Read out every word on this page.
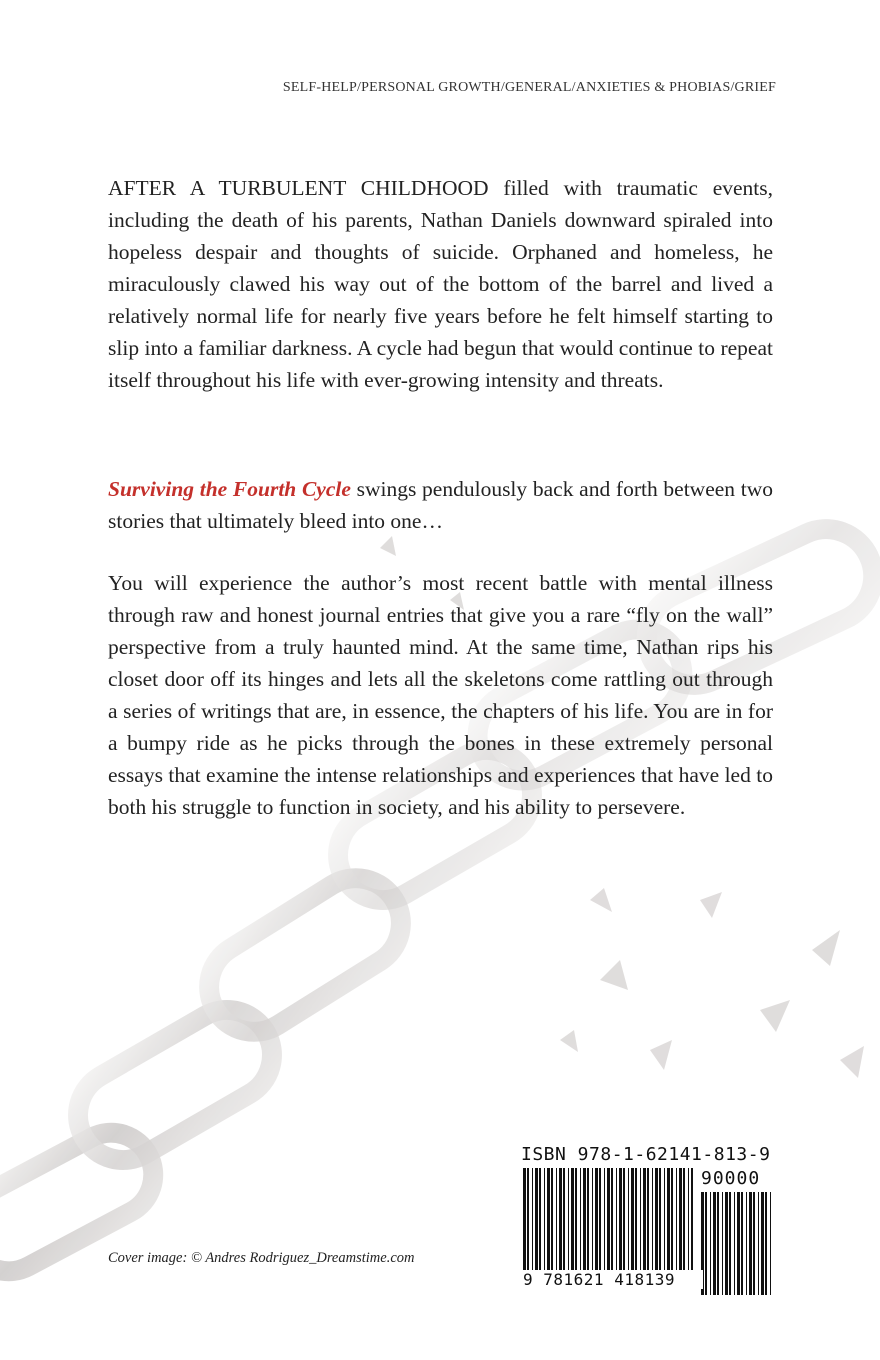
SELF-HELP/PERSONAL GROWTH/GENERAL/ANXIETIES & PHOBIAS/GRIEF

AFTER A TURBULENT CHILDHOOD filled with traumatic events, including the death of his parents, Nathan Daniels downward spiraled into hopeless despair and thoughts of suicide. Orphaned and homeless, he miraculously clawed his way out of the bottom of the barrel and lived a relatively normal life for nearly five years before he felt himself starting to slip into a familiar darkness. A cycle had begun that would continue to repeat itself throughout his life with ever-growing intensity and threats.

Surviving the Fourth Cycle swings pendulously back and forth between two stories that ultimately bleed into one…

You will experience the author’s most recent battle with mental illness through raw and honest journal entries that give you a rare “fly on the wall” perspective from a truly haunted mind. At the same time, Nathan rips his closet door off its hinges and lets all the skeletons come rattling out through a series of writings that are, in essence, the chapters of his life. You are in for a bumpy ride as he picks through the bones in these extremely personal essays that examine the intense relationships and experiences that have led to both his struggle to function in society, and his ability to persevere.

Cover image: © Andres Rodriguez_Dreamstime.com
ISBN 978-1-62141-813-9
90000
9 781621 418139
